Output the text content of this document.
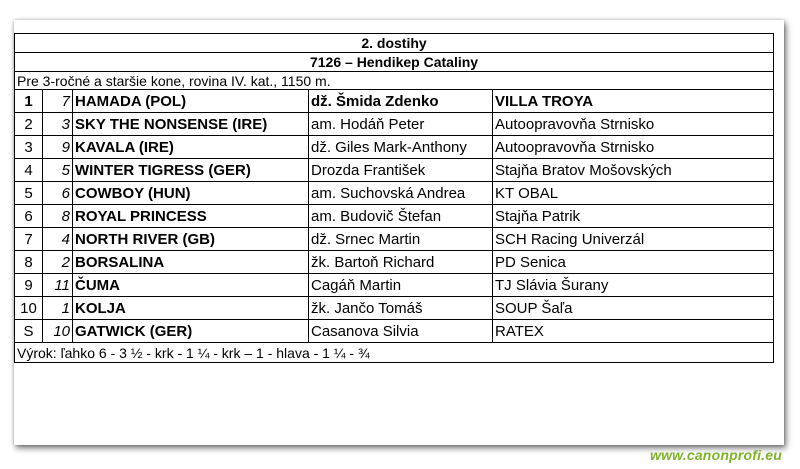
2. dostihy				
7126 – Hendikep Cataliny				
Pre 3-ročné a staršie kone, rovina IV. kat., 1150 m.				
1	7	HAMADA (POL)	dž. Šmida Zdenko	VILLA TROYA
2	3	SKY THE NONSENSE (IRE)	am. Hodáň Peter	Autoopravovňa Strnisko
3	9	KAVALA (IRE)	dž. Giles Mark-Anthony	Autoopravovňa Strnisko
4	5	WINTER TIGRESS (GER)	Drozda František	Stajňa Bratov Mošovských
5	6	COWBOY (HUN)	am. Suchovská Andrea	KT OBAL
6	8	ROYAL PRINCESS	am. Budovič Štefan	Stajňa Patrik
7	4	NORTH RIVER (GB)	dž. Srnec Martin	SCH Racing Univerzál
8	2	BORSALINA	žk. Bartoň Richard	PD Senica
9	11	ČUMA	Cagáň Martin	TJ Slávia Šurany
10	1	KOLJA	žk. Jančo Tomáš	SOUP Šaľa
S	10	GATWICK (GER)	Casanova Silvia	RATEX
Výrok: ľahko 6 - 3 ½ - krk - 1 ¼ - krk – 1 - hlava - 1 ¼ - ¾				
www.canonprofi.eu
